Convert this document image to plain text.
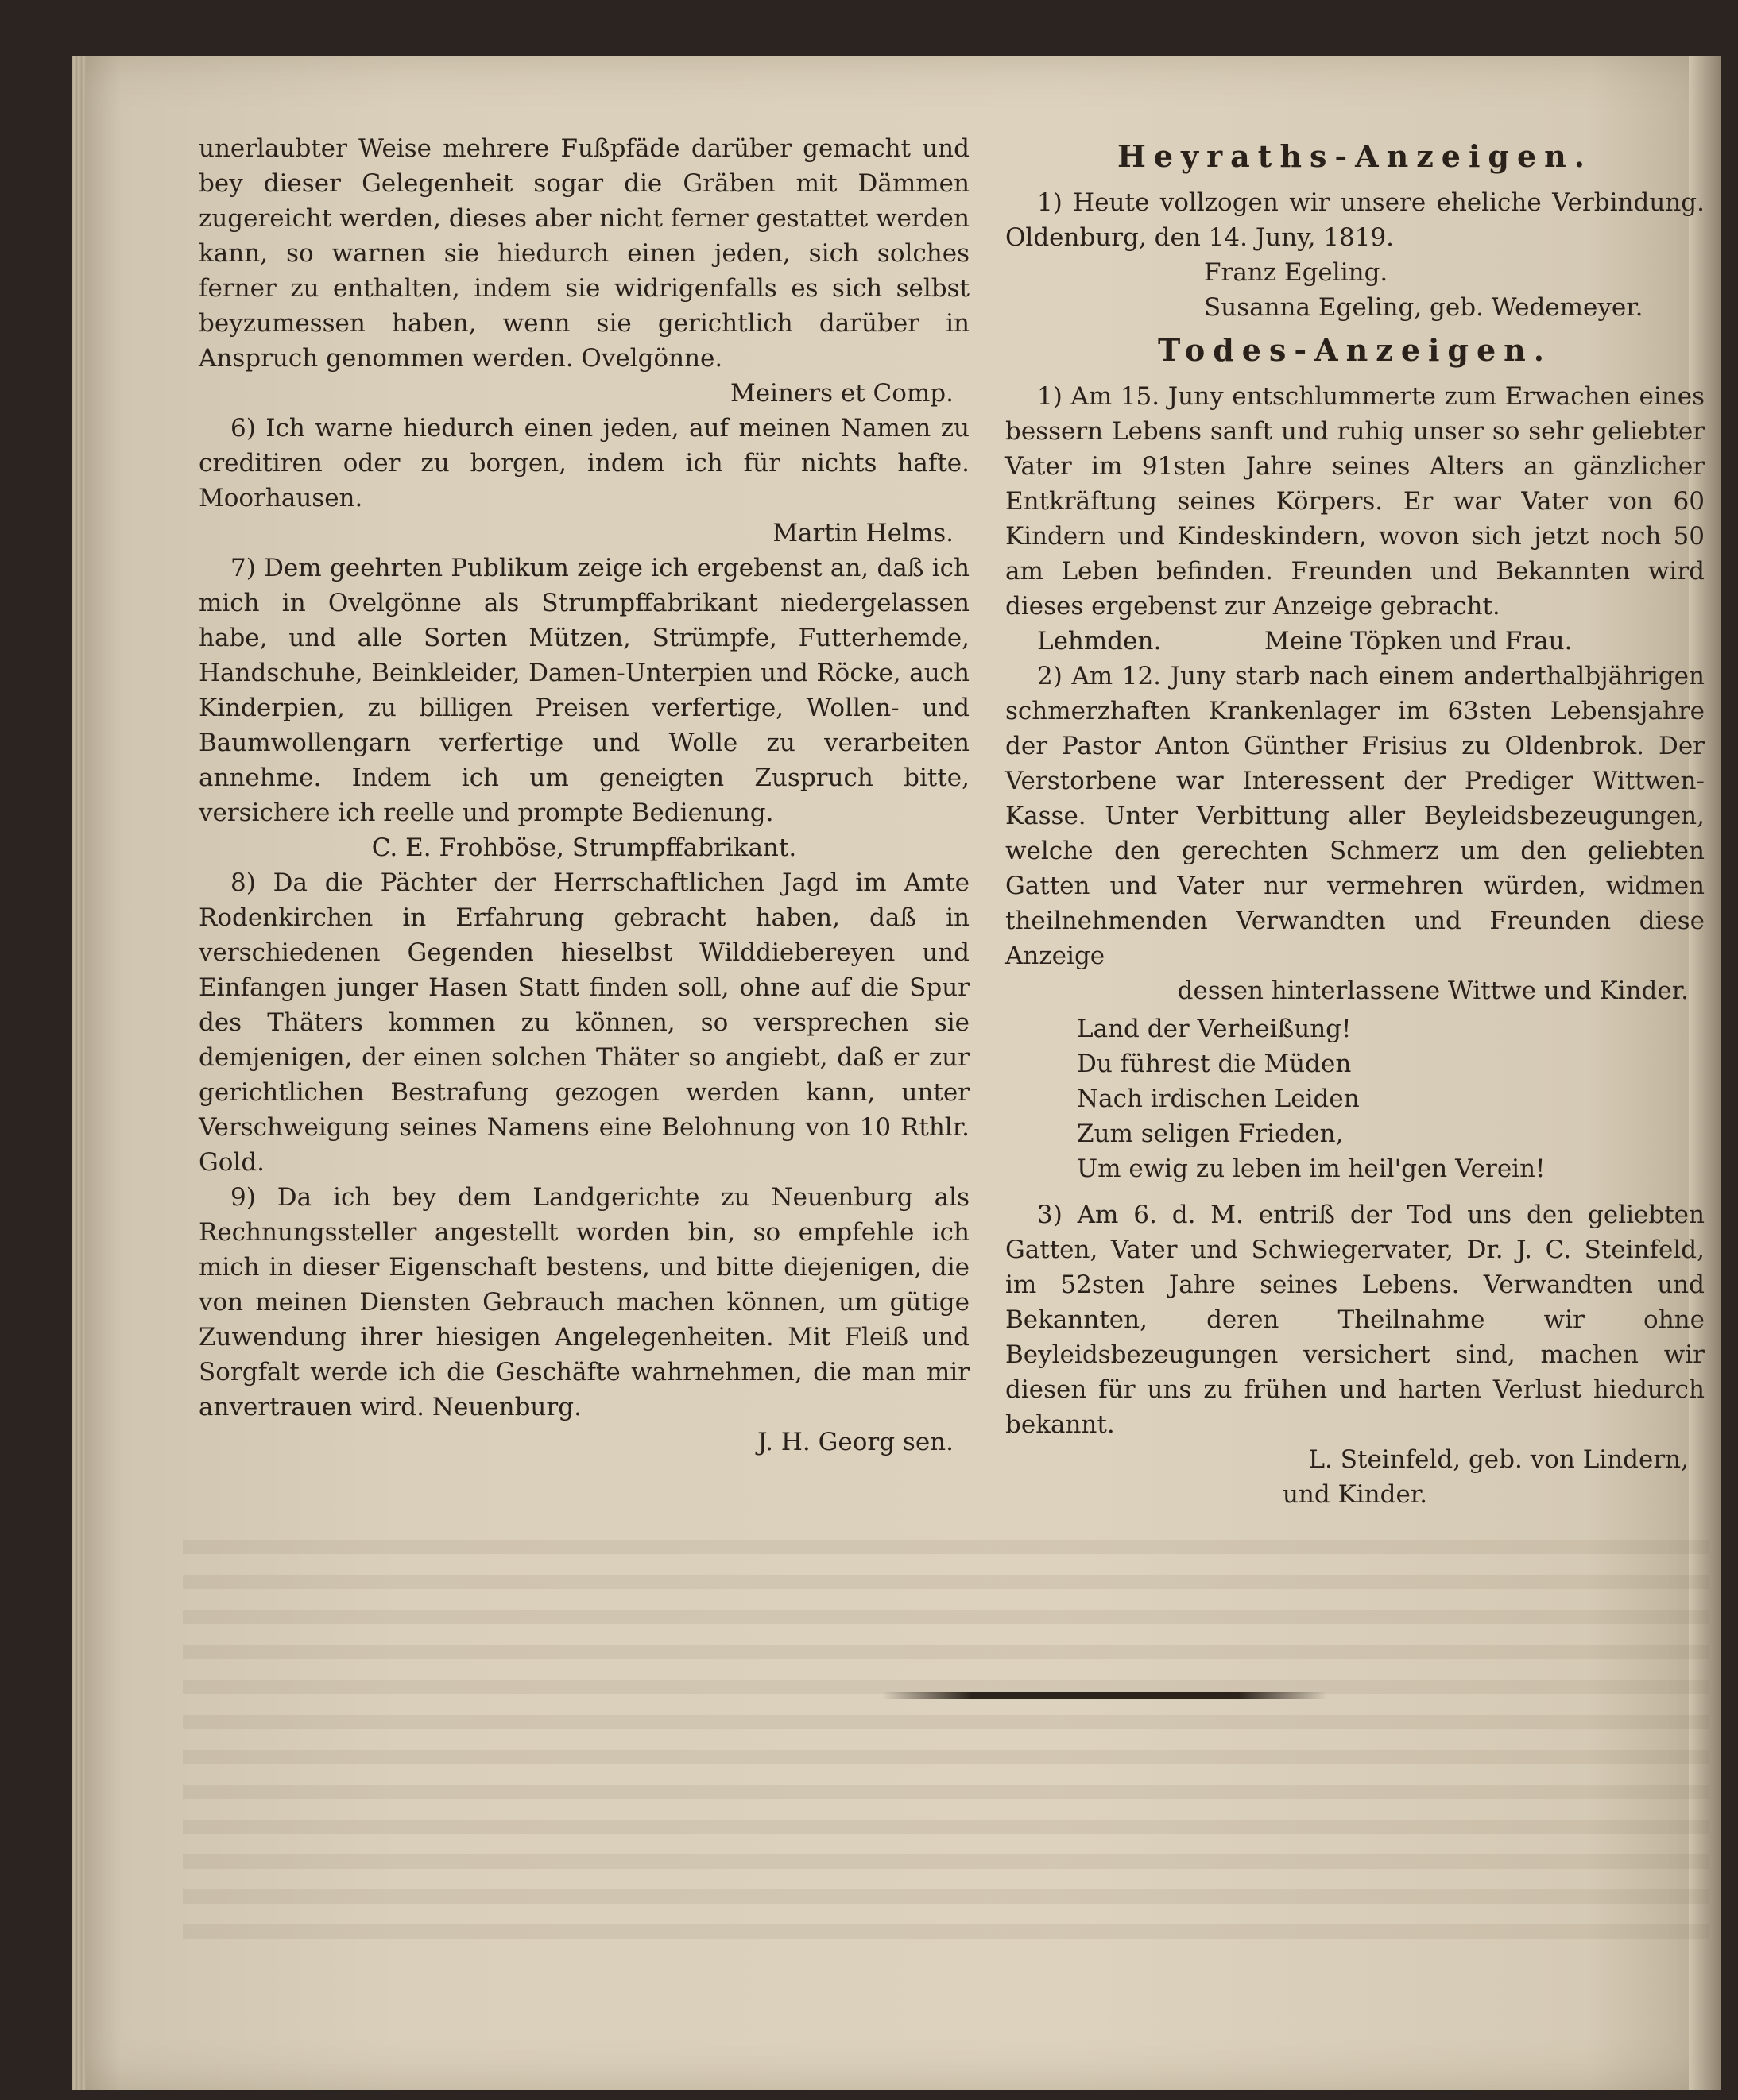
unerlaubter Weise mehrere Fußpfäde darüber gemacht und bey dieser Gelegenheit sogar die Gräben mit Dämmen zugereicht werden, dieses aber nicht ferner gestattet werden kann, so warnen sie hiedurch einen jeden, sich solches ferner zu enthalten, indem sie widrigenfalls es sich selbst beyzumessen haben, wenn sie gerichtlich darüber in Anspruch genommen werden. Ovelgönne.

Meiners et Comp.

6) Ich warne hiedurch einen jeden, auf meinen Namen zu creditiren oder zu borgen, indem ich für nichts hafte. Moorhausen.

Martin Helms.

7) Dem geehrten Publikum zeige ich ergebenst an, daß ich mich in Ovelgönne als Strumpffabrikant niedergelassen habe, und alle Sorten Mützen, Strümpfe, Futterhemde, Handschuhe, Beinkleider, Damen-Unterpien und Röcke, auch Kinderpien, zu billigen Preisen verfertige, Wollen- und Baumwollengarn verfertige und Wolle zu verarbeiten annehme. Indem ich um geneigten Zuspruch bitte, versichere ich reelle und prompte Bedienung.

C. E. Frohböse, Strumpffabrikant.

8) Da die Pächter der Herrschaftlichen Jagd im Amte Rodenkirchen in Erfahrung gebracht haben, daß in verschiedenen Gegenden hieselbst Wilddiebereyen und Einfangen junger Hasen Statt finden soll, ohne auf die Spur des Thäters kommen zu können, so versprechen sie demjenigen, der einen solchen Thäter so angiebt, daß er zur gerichtlichen Bestrafung gezogen werden kann, unter Verschweigung seines Namens eine Belohnung von 10 Rthlr. Gold.

9) Da ich bey dem Landgerichte zu Neuenburg als Rechnungssteller angestellt worden bin, so empfehle ich mich in dieser Eigenschaft bestens, und bitte diejenigen, die von meinen Diensten Gebrauch machen können, um gütige Zuwendung ihrer hiesigen Angelegenheiten. Mit Fleiß und Sorgfalt werde ich die Geschäfte wahrnehmen, die man mir anvertrauen wird. Neuenburg.

J. H. Georg sen.

Heyraths-Anzeigen.

1) Heute vollzogen wir unsere eheliche Verbindung. Oldenburg, den 14. Juny, 1819.

Franz Egeling.

Susanna Egeling, geb. Wedemeyer.

Todes-Anzeigen.

1) Am 15. Juny entschlummerte zum Erwachen eines bessern Lebens sanft und ruhig unser so sehr geliebter Vater im 91sten Jahre seines Alters an gänzlicher Entkräftung seines Körpers. Er war Vater von 60 Kindern und Kindeskindern, wovon sich jetzt noch 50 am Leben befinden. Freunden und Bekannten wird dieses ergebenst zur Anzeige gebracht.

Lehmden.	Meine Töpken und Frau.

2) Am 12. Juny starb nach einem anderthalbjährigen schmerzhaften Krankenlager im 63sten Lebensjahre der Pastor Anton Günther Frisius zu Oldenbrok. Der Verstorbene war Interessent der Prediger Wittwen-Kasse. Unter Verbittung aller Beyleidsbezeugungen, welche den gerechten Schmerz um den geliebten Gatten und Vater nur vermehren würden, widmen theilnehmenden Verwandten und Freunden diese Anzeige

dessen hinterlassene Wittwe und Kinder.

Land der Verheißung!
Du führest die Müden
Nach irdischen Leiden
Zum seligen Frieden,
Um ewig zu leben im heil'gen Verein!

3) Am 6. d. M. entriß der Tod uns den geliebten Gatten, Vater und Schwiegervater, Dr. J. C. Steinfeld, im 52sten Jahre seines Lebens. Verwandten und Bekannten, deren Theilnahme wir ohne Beyleidsbezeugungen versichert sind, machen wir diesen für uns zu frühen und harten Verlust hiedurch bekannt.

L. Steinfeld, geb. von Lindern,

und Kinder.
